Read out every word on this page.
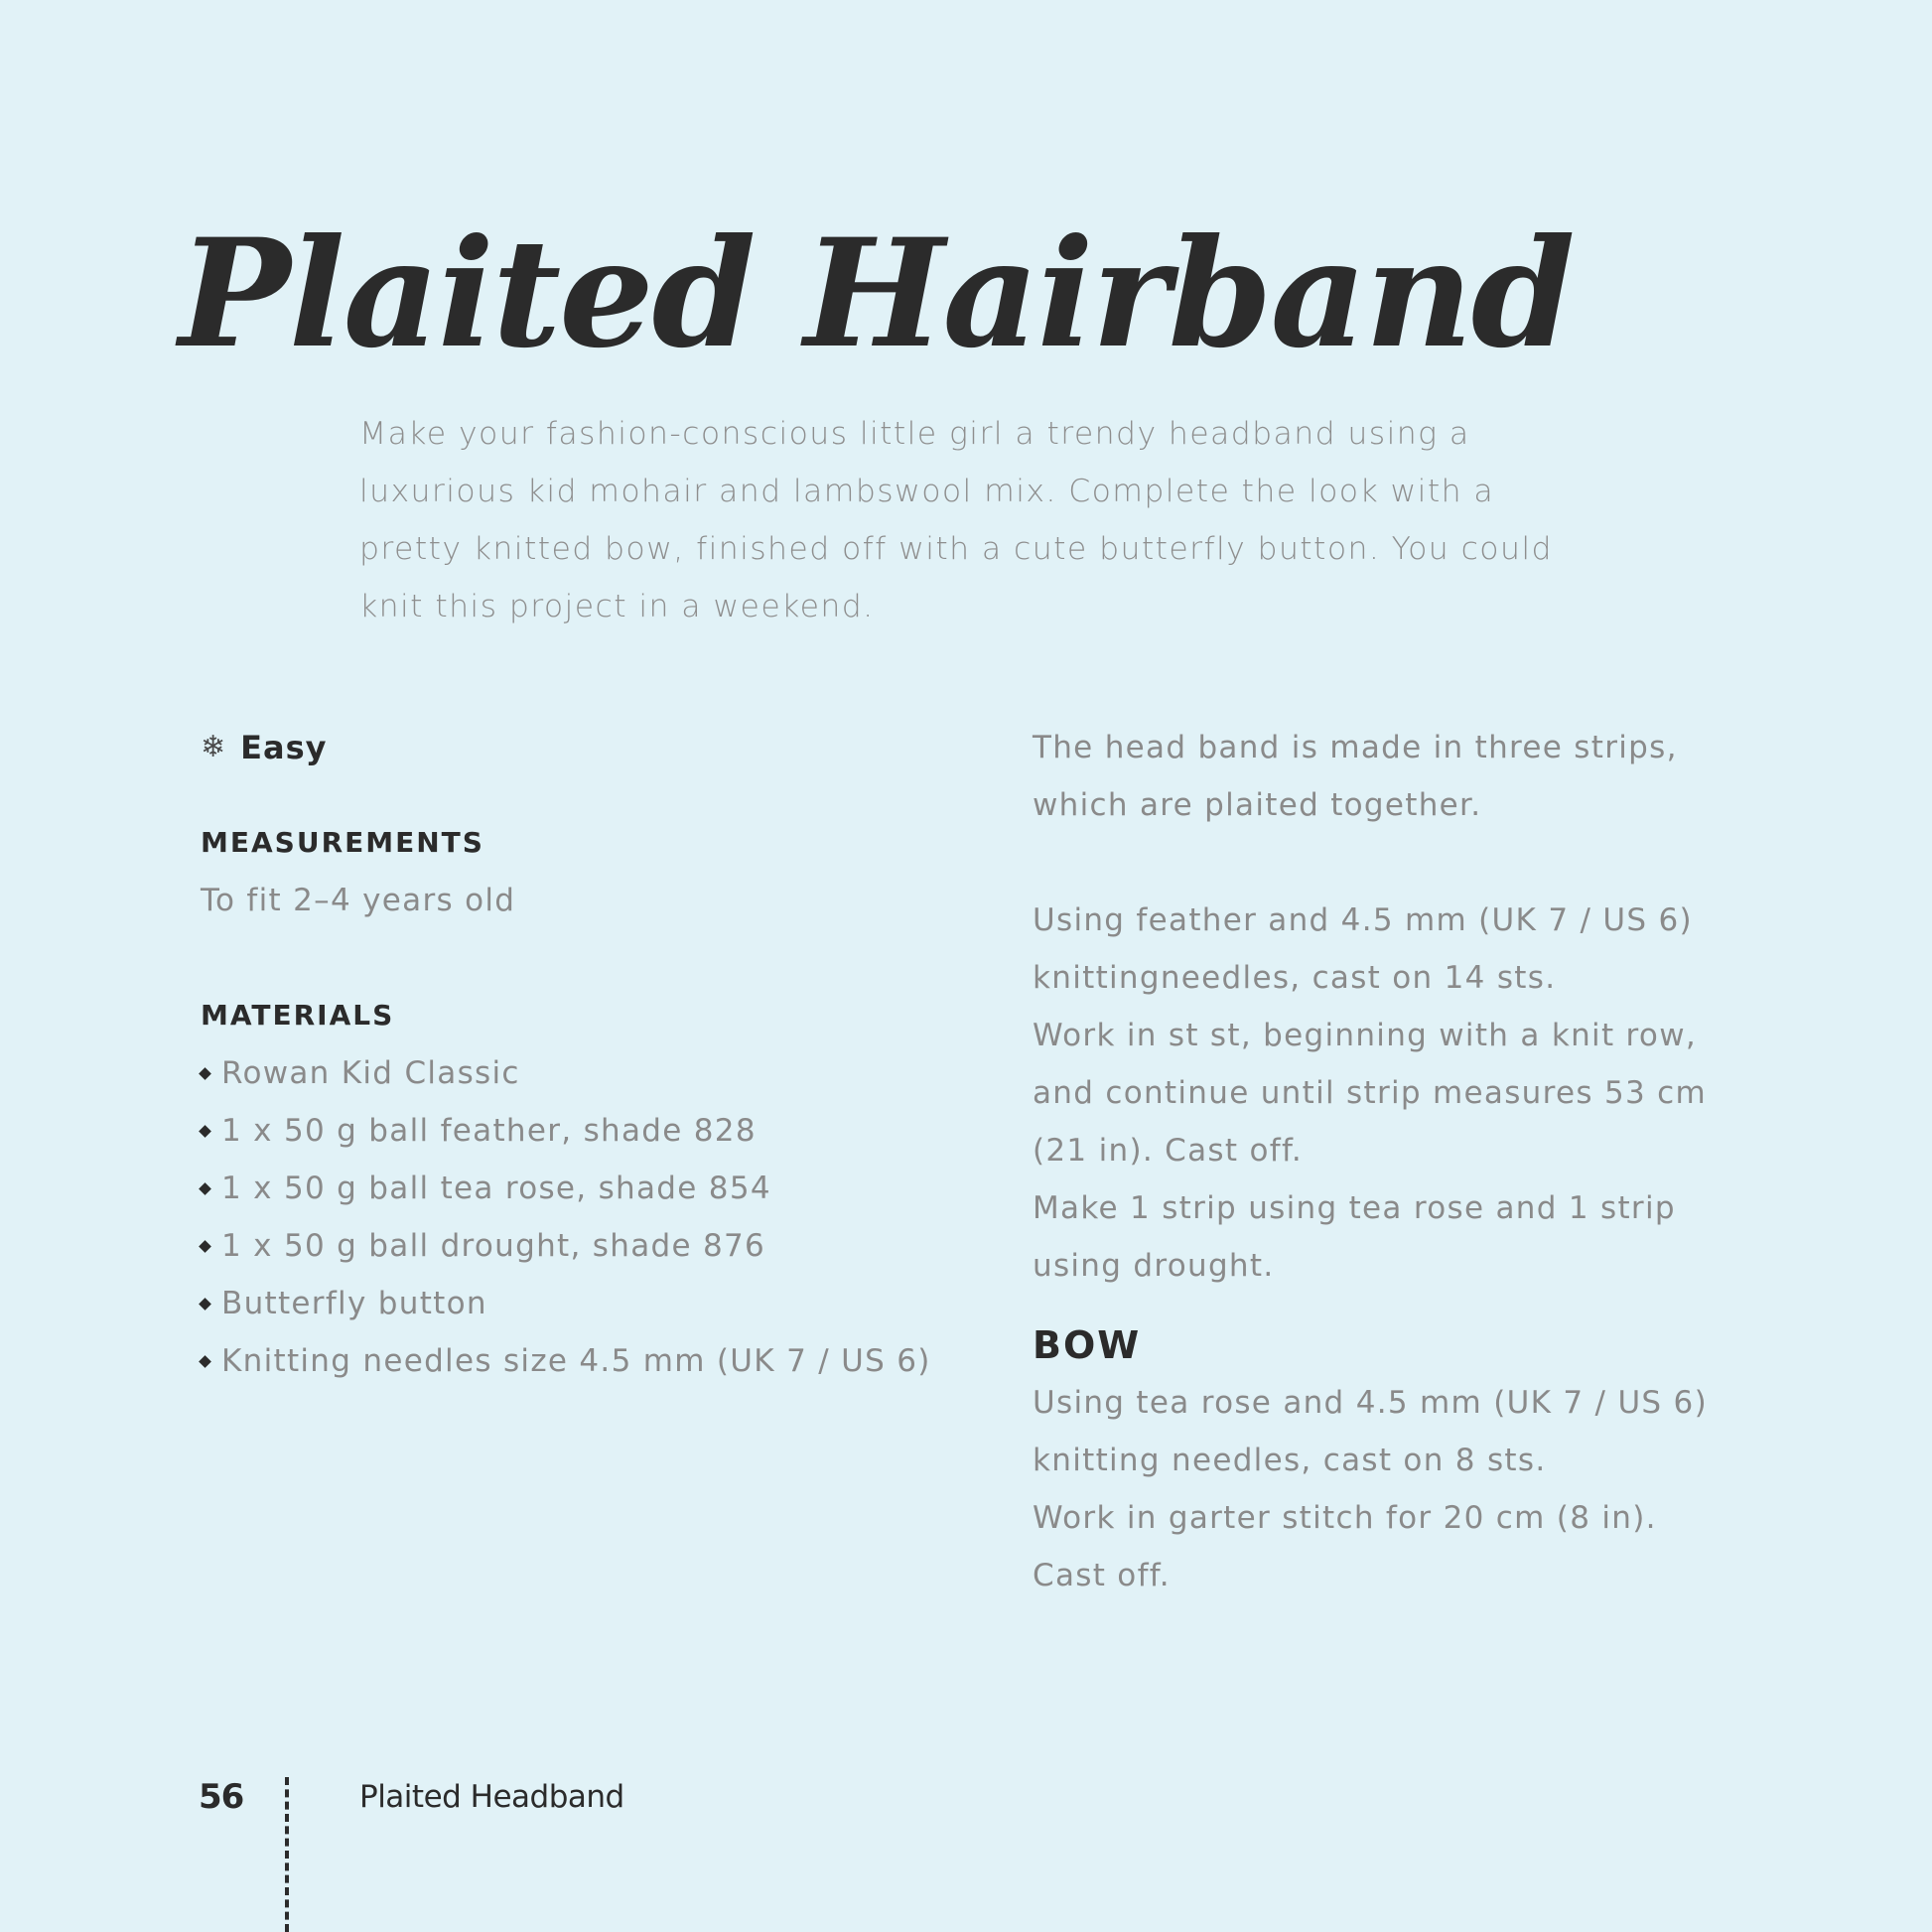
Plaited Hairband
Make your fashion-conscious little girl a trendy headband using a
luxurious kid mohair and lambswool mix. Complete the look with a
pretty knitted bow, finished off with a cute butterfly button. You could
knit this project in a weekend.
❄ Easy
MEASUREMENTS
To fit 2–4 years old
MATERIALS
Rowan Kid Classic
1 x 50 g ball feather, shade 828
1 x 50 g ball tea rose, shade 854
1 x 50 g ball drought, shade 876
Butterfly button
Knitting needles size 4.5 mm (UK 7 / US 6)
The head band is made in three strips,
which are plaited together.
Using feather and 4.5 mm (UK 7 / US 6)
knittingneedles, cast on 14 sts.
Work in st st, beginning with a knit row,
and continue until strip measures 53 cm
(21 in). Cast off.
Make 1 strip using tea rose and 1 strip
using drought.
BOW
Using tea rose and 4.5 mm (UK 7 / US 6)
knitting needles, cast on 8 sts.
Work in garter stitch for 20 cm (8 in).
Cast off.
56	Plaited Headband
